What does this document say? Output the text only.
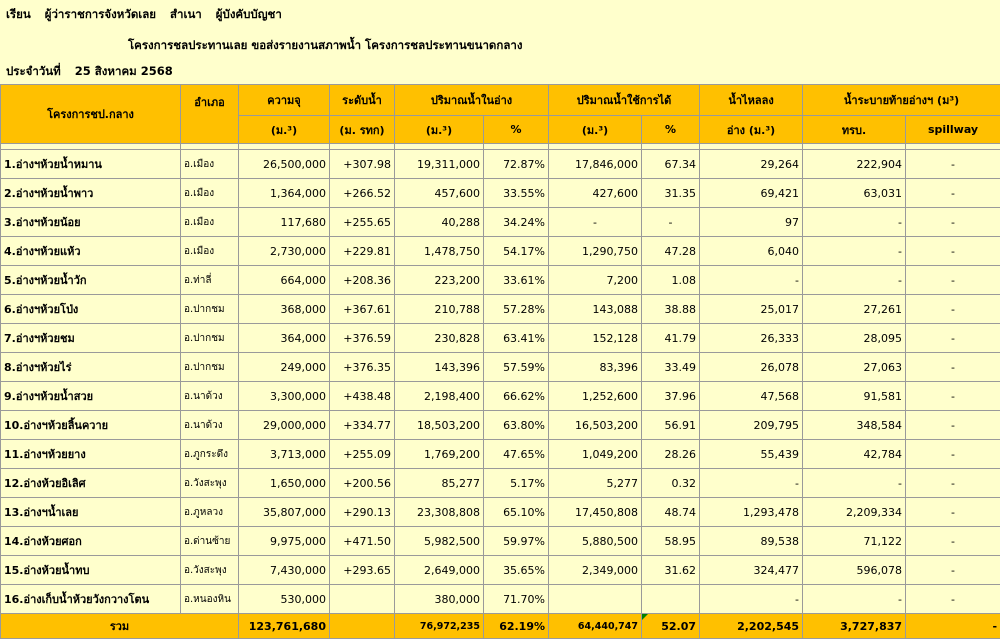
เรียน ผู้ว่าราชการจังหวัดเลย สำเนา ผู้บังคับบัญชา
โครงการชลประทานเลย ขอส่งรายงานสภาพน้ำ โครงการชลประทานขนาดกลาง
ประจำวันที่ 25 สิงหาคม 2568
โครงการชป.กลาง	อำเภอ	ความจุ	ระดับน้ำ	ปริมาณน้ำในอ่าง		ปริมาณน้ำใช้การได้		น้ำไหลลง	น้ำระบายท้ายอ่างฯ (ม³)	
		(ม.³)	(ม. รทก)	(ม.³)	%	(ม.³)	%	อ่าง (ม.³)	ทรบ.	spillway

1.อ่างฯห้วยน้ำหมาน	อ.เมือง	26,500,000	+307.98	19,311,000	72.87%	17,846,000	67.34	29,264	222,904	-
2.อ่างฯห้วยน้ำพาว	อ.เมือง	1,364,000	+266.52	457,600	33.55%	427,600	31.35	69,421	63,031	-
3.อ่างฯห้วยน้อย	อ.เมือง	117,680	+255.65	40,288	34.24%	-	-	97	-	-
4.อ่างฯห้วยแห้ว	อ.เมือง	2,730,000	+229.81	1,478,750	54.17%	1,290,750	47.28	6,040	-	-
5.อ่างฯห้วยน้ำวัก	อ.ท่าลี่	664,000	+208.36	223,200	33.61%	7,200	1.08	-	-	-
6.อ่างฯห้วยโป่ง	อ.ปากชม	368,000	+367.61	210,788	57.28%	143,088	38.88	25,017	27,261	-
7.อ่างฯห้วยชม	อ.ปากชม	364,000	+376.59	230,828	63.41%	152,128	41.79	26,333	28,095	-
8.อ่างฯห้วยไร่	อ.ปากชม	249,000	+376.35	143,396	57.59%	83,396	33.49	26,078	27,063	-
9.อ่างฯห้วยน้ำสวย	อ.นาด้วง	3,300,000	+438.48	2,198,400	66.62%	1,252,600	37.96	47,568	91,581	-
10.อ่างฯห้วยลิ้นควาย	อ.นาด้วง	29,000,000	+334.77	18,503,200	63.80%	16,503,200	56.91	209,795	348,584	-
11.อ่างฯห้วยยาง	อ.ภูกระดึง	3,713,000	+255.09	1,769,200	47.65%	1,049,200	28.26	55,439	42,784	-
12.อ่างห้วยอิเลิศ	อ.วังสะพุง	1,650,000	+200.56	85,277	5.17%	5,277	0.32	-	-	-
13.อ่างฯน้ำเลย	อ.ภูหลวง	35,807,000	+290.13	23,308,808	65.10%	17,450,808	48.74	1,293,478	2,209,334	-
14.อ่างห้วยศอก	อ.ด่านซ้าย	9,975,000	+471.50	5,982,500	59.97%	5,880,500	58.95	89,538	71,122	-
15.อ่างห้วยน้ำทบ	อ.วังสะพุง	7,430,000	+293.65	2,649,000	35.65%	2,349,000	31.62	324,477	596,078	-
16.อ่างเก็บน้ำห้วยวังกวางโตน	อ.หนองหิน	530,000		380,000	71.70%			-	-	-
รวม		123,761,680		76,972,235	62.19%	64,440,747	52.07	2,202,545	3,727,837	-
